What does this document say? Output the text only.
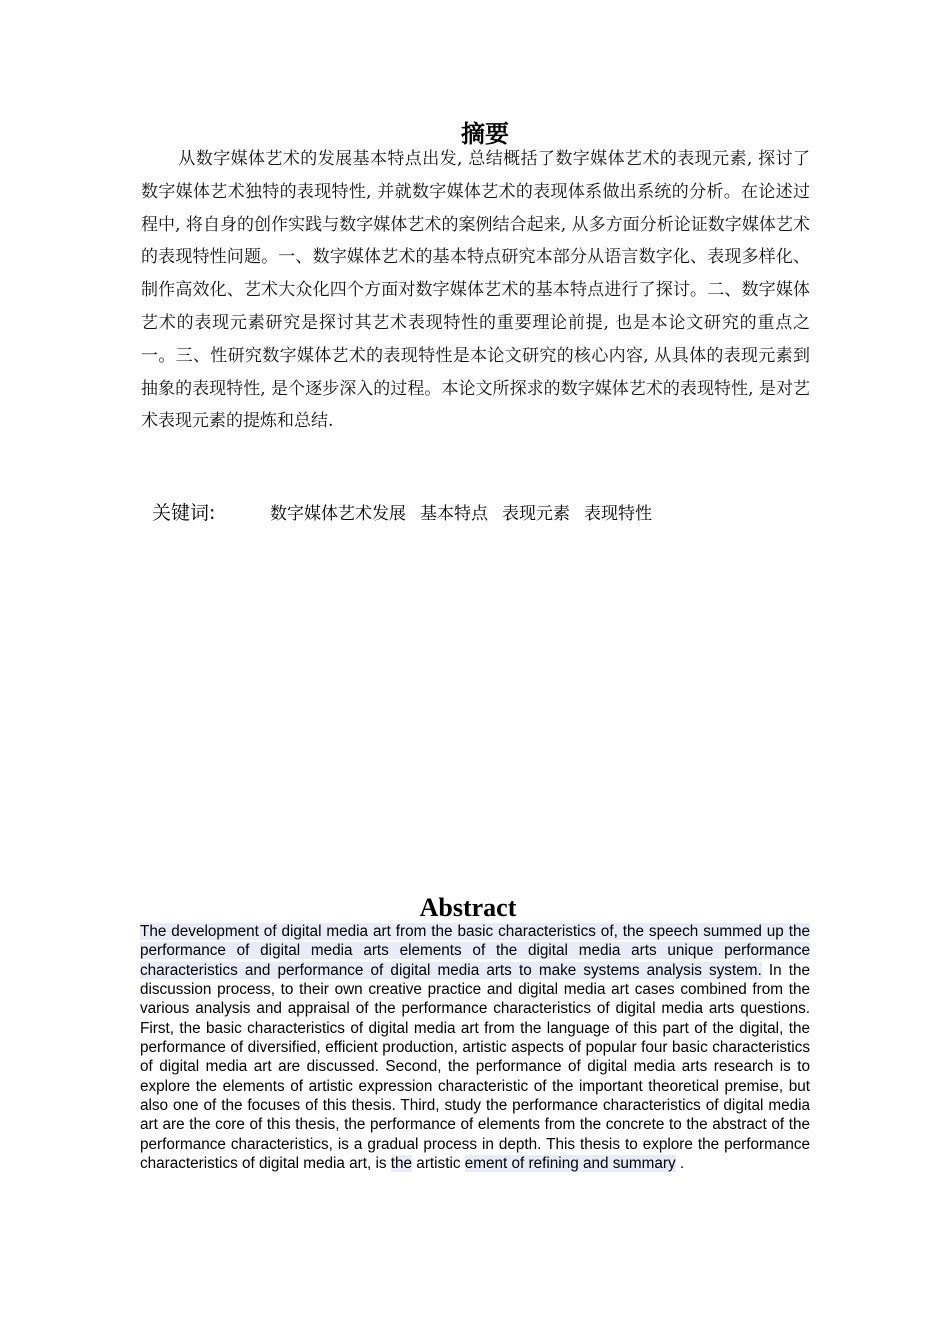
摘要

从数字媒体艺术的发展基本特点出发, 总结概括了数字媒体艺术的表现元素, 探讨了数字媒体艺术独特的表现特性, 并就数字媒体艺术的表现体系做出系统的分析。在论述过程中, 将自身的创作实践与数字媒体艺术的案例结合起来, 从多方面分析论证数字媒体艺术的表现特性问题。一、数字媒体艺术的基本特点研究本部分从语言数字化、表现多样化、制作高效化、艺术大众化四个方面对数字媒体艺术的基本特点进行了探讨。二、数字媒体艺术的表现元素研究是探讨其艺术表现特性的重要理论前提, 也是本论文研究的重点之一。三、性研究数字媒体艺术的表现特性是本论文研究的核心内容, 从具体的表现元素到抽象的表现特性, 是个逐步深入的过程。本论文所探求的数字媒体艺术的表现特性, 是对艺术表现元素的提炼和总结.

关键词:	数字媒体艺术发展 基本特点 表现元素 表现特性
Abstract

The development of digital media art from the basic characteristics of, the speech summed up the performance of digital media arts elements of the digital media arts unique performance characteristics and performance of digital media arts to make systems analysis system. In the discussion process, to their own creative practice and digital media art cases combined from the various analysis and appraisal of the performance characteristics of digital media arts questions. First, the basic characteristics of digital media art from the language of this part of the digital, the performance of diversified, efficient production, artistic aspects of popular four basic characteristics of digital media art are discussed. Second, the performance of digital media arts research is to explore the elements of artistic expression characteristic of the important theoretical premise, but also one of the focuses of this thesis. Third, study the performance characteristics of digital media art are the core of this thesis, the performance of elements from the concrete to the abstract of the performance characteristics, is a gradual process in depth. This thesis to explore the performance characteristics of digital media art, is the artistic ement of refining and summary .
